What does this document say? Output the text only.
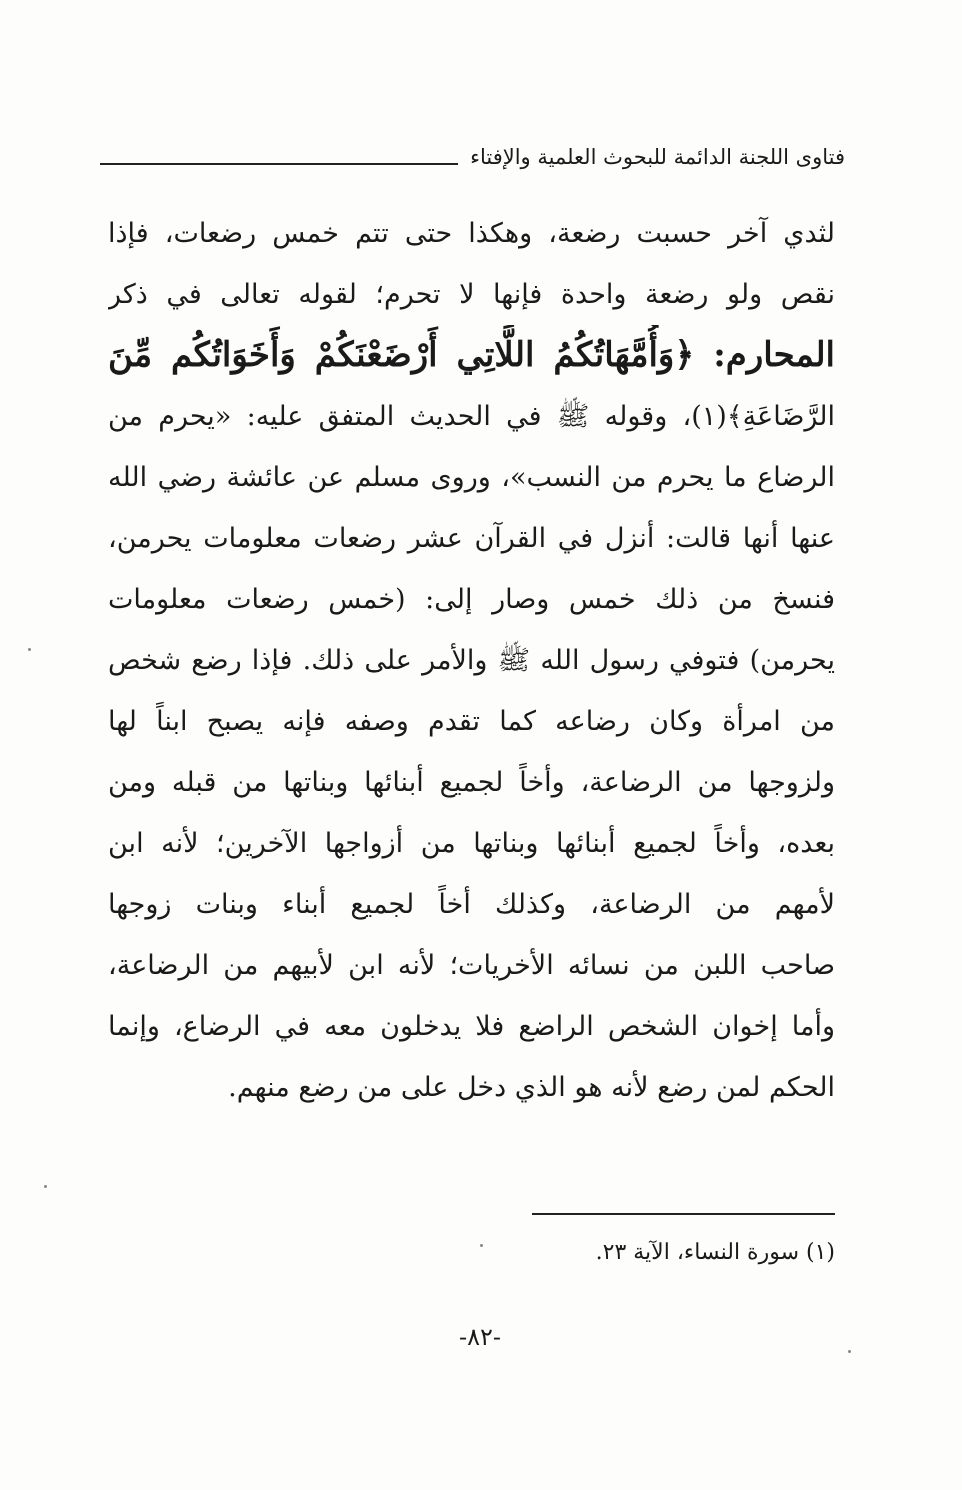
فتاوى اللجنة الدائمة للبحوث العلمية والإفتاء
لثدي آخر حسبت رضعة، وهكذا حتى تتم خمس رضعات، فإذا
نقص ولو رضعة واحدة فإنها لا تحرم؛ لقوله تعالى في ذكر
المحارم: ﴿وَأُمَّهَاتُكُمُ اللَّاتِي أَرْضَعْنَكُمْ وَأَخَوَاتُكُم مِّنَ
الرَّضَاعَةِ﴾(١)، وقوله ﷺ في الحديث المتفق عليه: «يحرم من
الرضاع ما يحرم من النسب»، وروى مسلم عن عائشة رضي الله
عنها أنها قالت: أنزل في القرآن عشر رضعات معلومات يحرمن،
فنسخ من ذلك خمس وصار إلى: (خمس رضعات معلومات
يحرمن) فتوفي رسول الله ﷺ والأمر على ذلك. فإذا رضع شخص
من امرأة وكان رضاعه كما تقدم وصفه فإنه يصبح ابناً لها
ولزوجها من الرضاعة، وأخاً لجميع أبنائها وبناتها من قبله ومن
بعده، وأخاً لجميع أبنائها وبناتها من أزواجها الآخرين؛ لأنه ابن
لأمهم من الرضاعة، وكذلك أخاً لجميع أبناء وبنات زوجها
صاحب اللبن من نسائه الأخريات؛ لأنه ابن لأبيهم من الرضاعة،
وأما إخوان الشخص الراضع فلا يدخلون معه في الرضاع، وإنما
الحكم لمن رضع لأنه هو الذي دخل على من رضع منهم.
(١) سورة النساء، الآية ٢٣.
-٨٢-
